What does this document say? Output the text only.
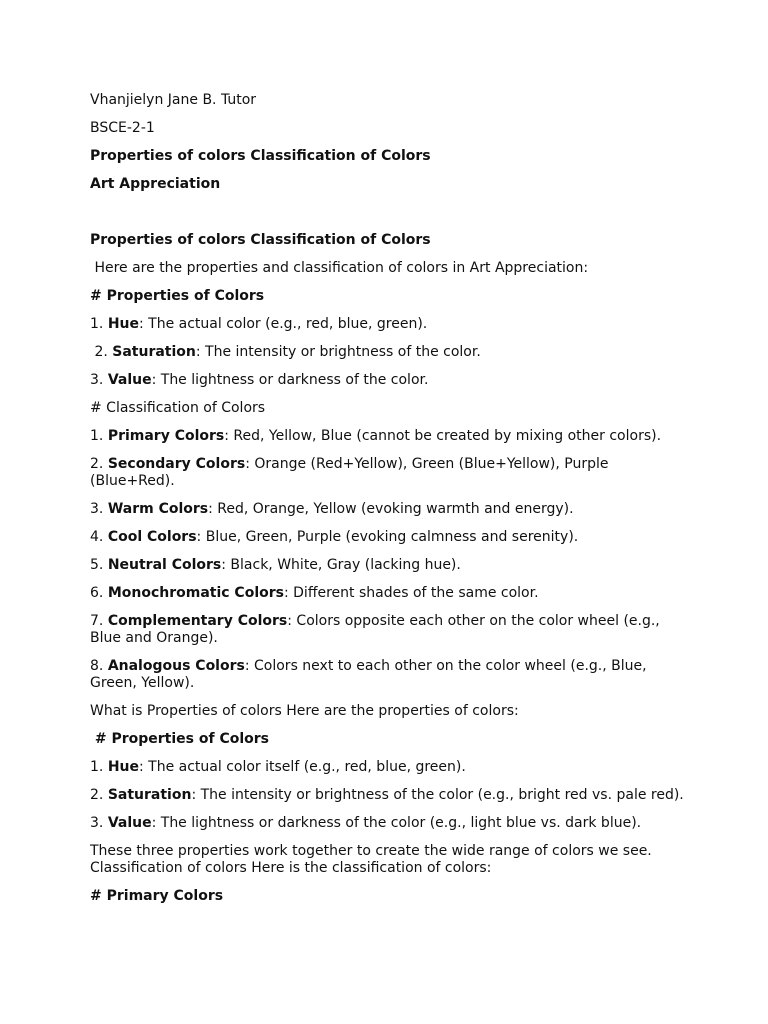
Vhanjielyn Jane B. Tutor

BSCE-2-1

Properties of colors Classification of Colors

Art Appreciation

Properties of colors Classification of Colors

Here are the properties and classification of colors in Art Appreciation:

# Properties of Colors

1. Hue: The actual color (e.g., red, blue, green).

2. Saturation: The intensity or brightness of the color.

3. Value: The lightness or darkness of the color.

# Classification of Colors

1. Primary Colors: Red, Yellow, Blue (cannot be created by mixing other colors).

2. Secondary Colors: Orange (Red+Yellow), Green (Blue+Yellow), Purple (Blue+Red).

3. Warm Colors: Red, Orange, Yellow (evoking warmth and energy).

4. Cool Colors: Blue, Green, Purple (evoking calmness and serenity).

5. Neutral Colors: Black, White, Gray (lacking hue).

6. Monochromatic Colors: Different shades of the same color.

7. Complementary Colors: Colors opposite each other on the color wheel (e.g., Blue and Orange).

8. Analogous Colors: Colors next to each other on the color wheel (e.g., Blue, Green, Yellow).

What is Properties of colors Here are the properties of colors:

# Properties of Colors

1. Hue: The actual color itself (e.g., red, blue, green).

2. Saturation: The intensity or brightness of the color (e.g., bright red vs. pale red).

3. Value: The lightness or darkness of the color (e.g., light blue vs. dark blue).

These three properties work together to create the wide range of colors we see. Classification of colors Here is the classification of colors:

# Primary Colors
